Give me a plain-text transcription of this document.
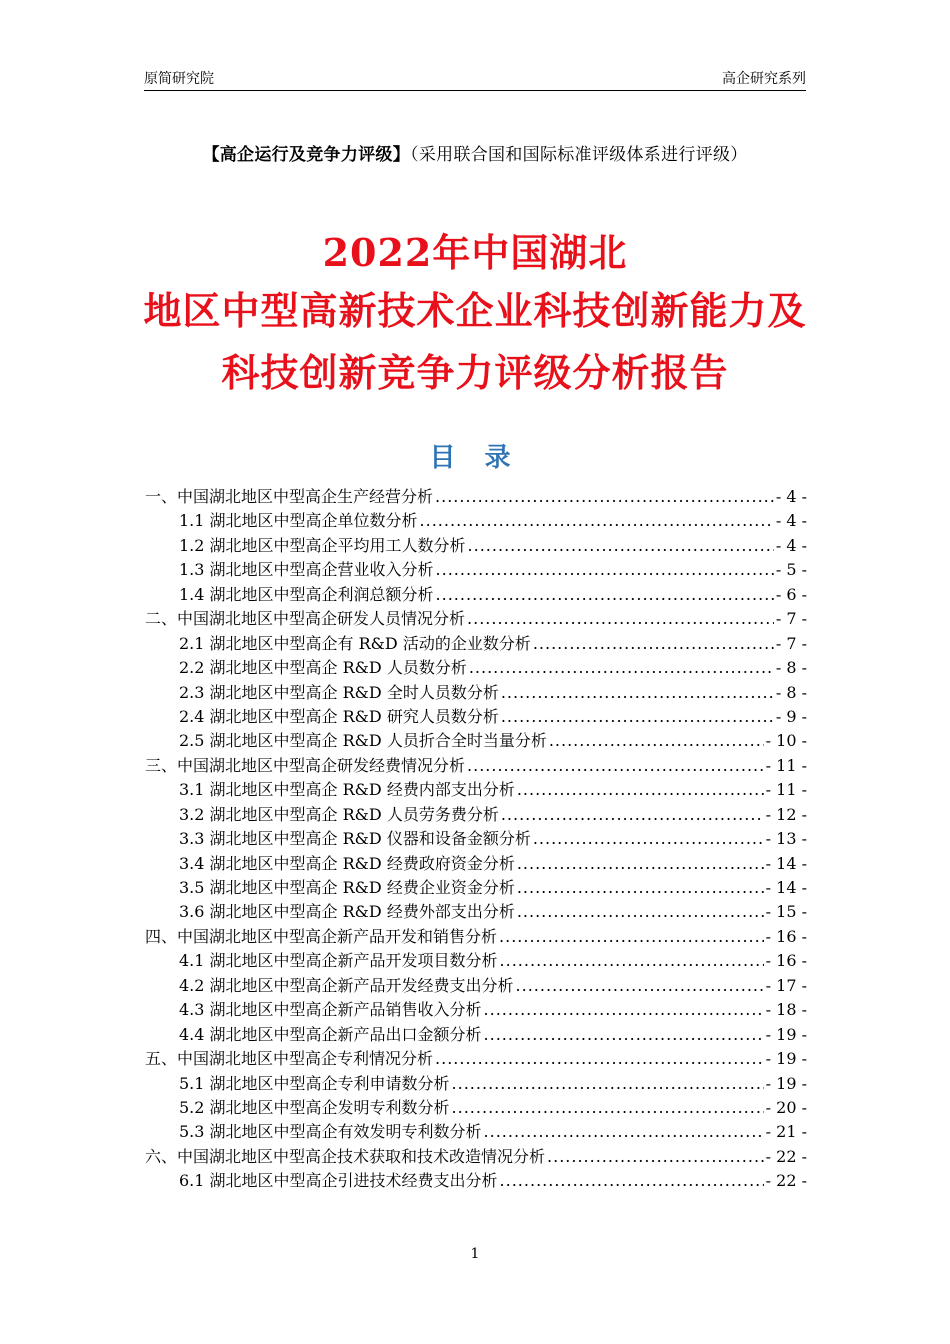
原简研究院	高企研究系列
【高企运行及竞争力评级】（采用联合国和国际标准评级体系进行评级）
2022年中国湖北
地区中型高新技术企业科技创新能力及
科技创新竞争力评级分析报告
目 录
一、中国湖北地区中型高企生产经营分析 .....	- 4 -
1.1 湖北地区中型高企单位数分析 .....	- 4 -
1.2 湖北地区中型高企平均用工人数分析 .....	- 4 -
1.3 湖北地区中型高企营业收入分析 .....	- 5 -
1.4 湖北地区中型高企利润总额分析 .....	- 6 -
二、中国湖北地区中型高企研发人员情况分析 .....	- 7 -
2.1 湖北地区中型高企有 R&D 活动的企业数分析 .....	- 7 -
2.2 湖北地区中型高企 R&D 人员数分析 .....	- 8 -
2.3 湖北地区中型高企 R&D 全时人员数分析 .....	- 8 -
2.4 湖北地区中型高企 R&D 研究人员数分析 .....	- 9 -
2.5 湖北地区中型高企 R&D 人员折合全时当量分析 .....	- 10 -
三、中国湖北地区中型高企研发经费情况分析 .....	- 11 -
3.1 湖北地区中型高企 R&D 经费内部支出分析 .....	- 11 -
3.2 湖北地区中型高企 R&D 人员劳务费分析 .....	- 12 -
3.3 湖北地区中型高企 R&D 仪器和设备金额分析 .....	- 13 -
3.4 湖北地区中型高企 R&D 经费政府资金分析 .....	- 14 -
3.5 湖北地区中型高企 R&D 经费企业资金分析 .....	- 14 -
3.6 湖北地区中型高企 R&D 经费外部支出分析 .....	- 15 -
四、中国湖北地区中型高企新产品开发和销售分析 .....	- 16 -
4.1 湖北地区中型高企新产品开发项目数分析 .....	- 16 -
4.2 湖北地区中型高企新产品开发经费支出分析 .....	- 17 -
4.3 湖北地区中型高企新产品销售收入分析 .....	- 18 -
4.4 湖北地区中型高企新产品出口金额分析 .....	- 19 -
五、中国湖北地区中型高企专利情况分析 .....	- 19 -
5.1 湖北地区中型高企专利申请数分析 .....	- 19 -
5.2 湖北地区中型高企发明专利数分析 .....	- 20 -
5.3 湖北地区中型高企有效发明专利数分析 .....	- 21 -
六、中国湖北地区中型高企技术获取和技术改造情况分析 .....	- 22 -
6.1 湖北地区中型高企引进技术经费支出分析 .....	- 22 -
1
